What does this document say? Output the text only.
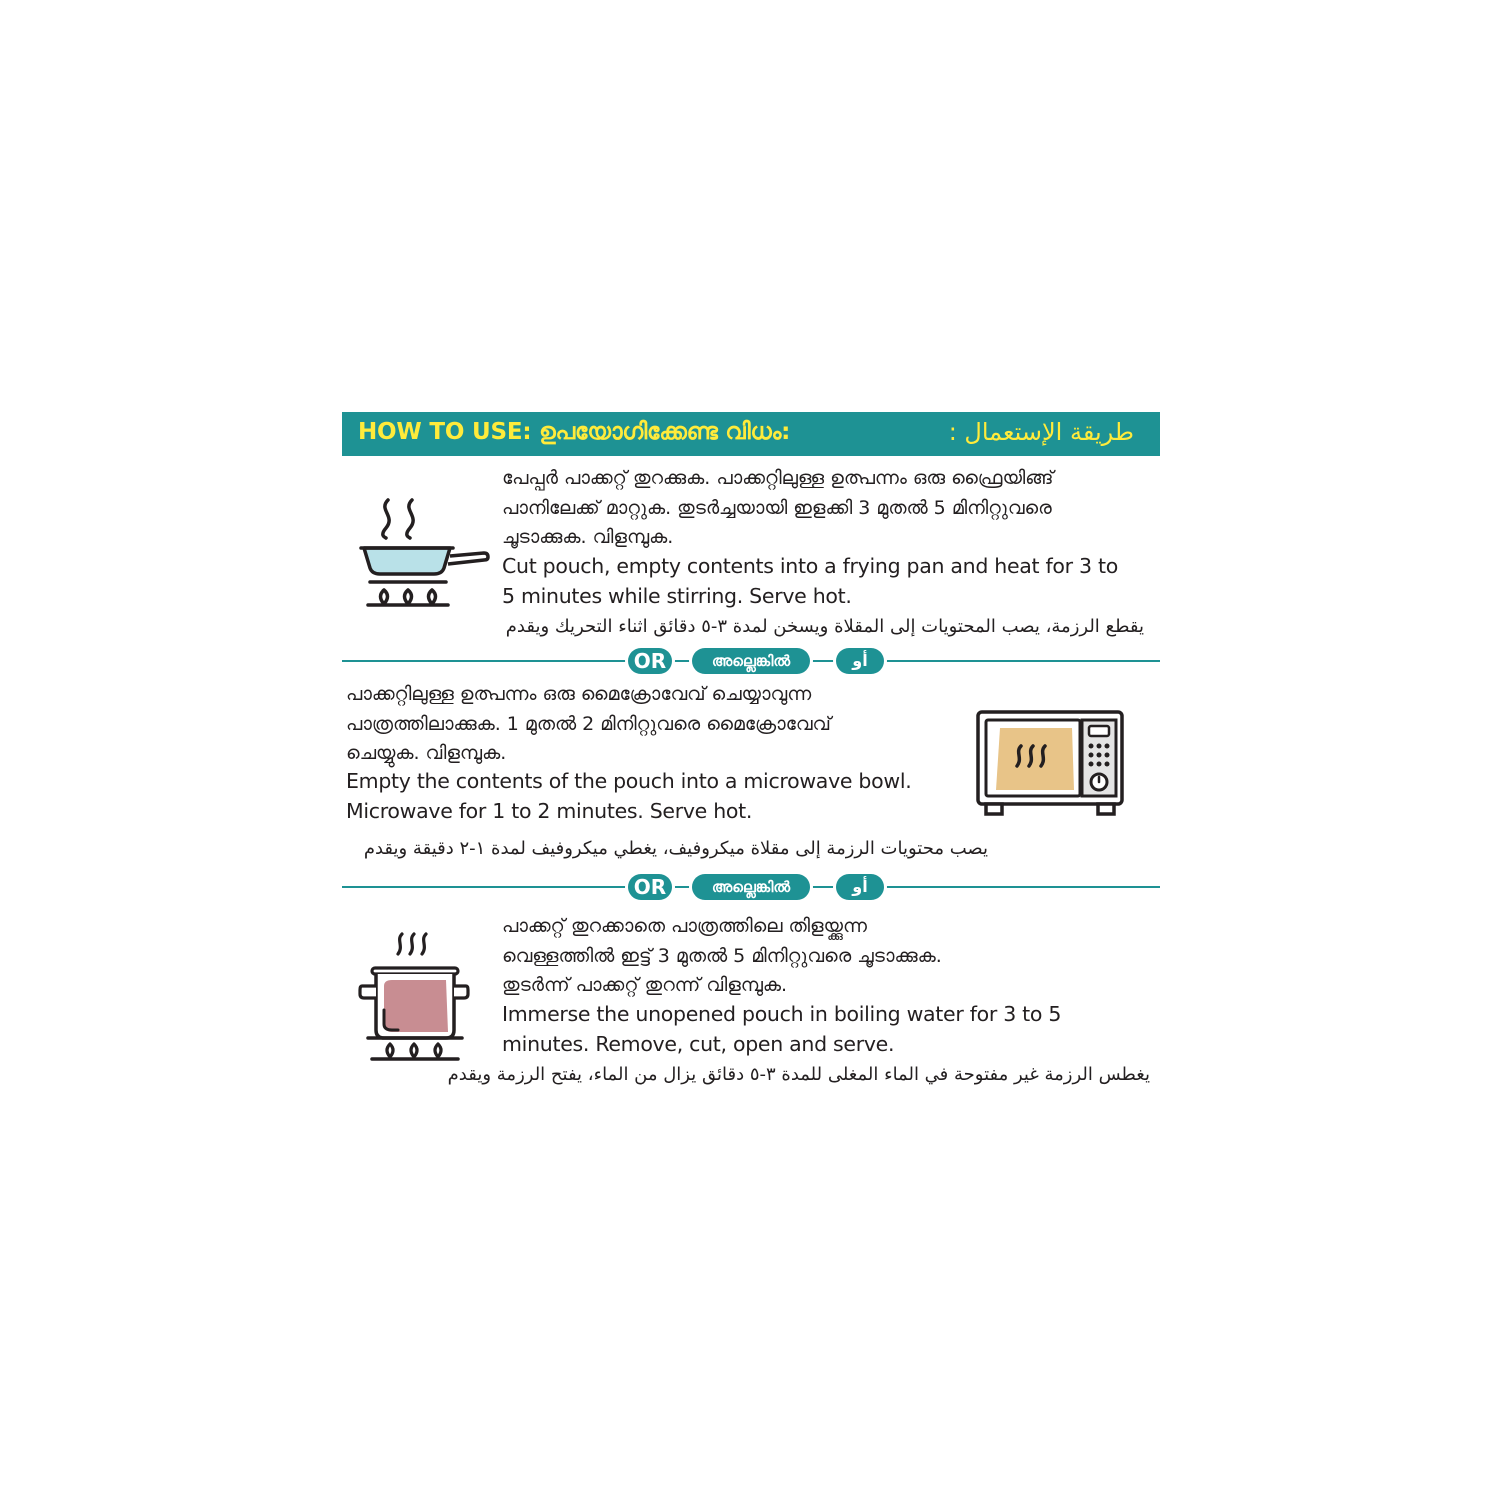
HOW TO USE: ഉപയോഗിക്കേണ്ട വിധം:	طريقة الإستعمال :
പേപ്പർ പാക്കറ്റ് തുറക്കുക. പാക്കറ്റിലുള്ള ഉത്പന്നം ഒരു ഫ്രൈയിങ്ങ്
പാനിലേക്ക് മാറ്റുക. തുടർച്ചയായി ഇളക്കി 3 മുതൽ 5 മിനിറ്റുവരെ
ചൂടാക്കുക. വിളമ്പുക.
Cut pouch, empty contents into a frying pan and heat for 3 to
5 minutes while stirring. Serve hot.
يقطع الرزمة، يصب المحتويات إلى المقلاة ويسخن لمدة ٣-٥ دقائق اثناء التحريك ويقدم
OR	അല്ലെങ്കിൽ	أو
പാക്കറ്റിലുള്ള ഉത്പന്നം ഒരു മൈക്രോവേവ് ചെയ്യാവുന്ന
പാത്രത്തിലാക്കുക. 1 മുതൽ 2 മിനിറ്റുവരെ മൈക്രോവേവ്
ചെയ്യുക. വിളമ്പുക.
Empty the contents of the pouch into a microwave bowl.
Microwave for 1 to 2 minutes. Serve hot.
يصب محتويات الرزمة إلى مقلاة ميكروفيف، يغطي ميكروفيف لمدة ١-٢ دقيقة ويقدم
OR	അല്ലെങ്കിൽ	أو
പാക്കറ്റ് തുറക്കാതെ പാത്രത്തിലെ തിളയ്ക്കുന്ന
വെള്ളത്തിൽ ഇട്ട് 3 മുതൽ 5 മിനിറ്റുവരെ ചൂടാക്കുക.
തുടർന്ന് പാക്കറ്റ് തുറന്ന് വിളമ്പുക.
Immerse the unopened pouch in boiling water for 3 to 5
minutes. Remove, cut, open and serve.
يغطس الرزمة غير مفتوحة في الماء المغلى للمدة ٣-٥ دقائق يزال من الماء، يفتح الرزمة ويقدم
